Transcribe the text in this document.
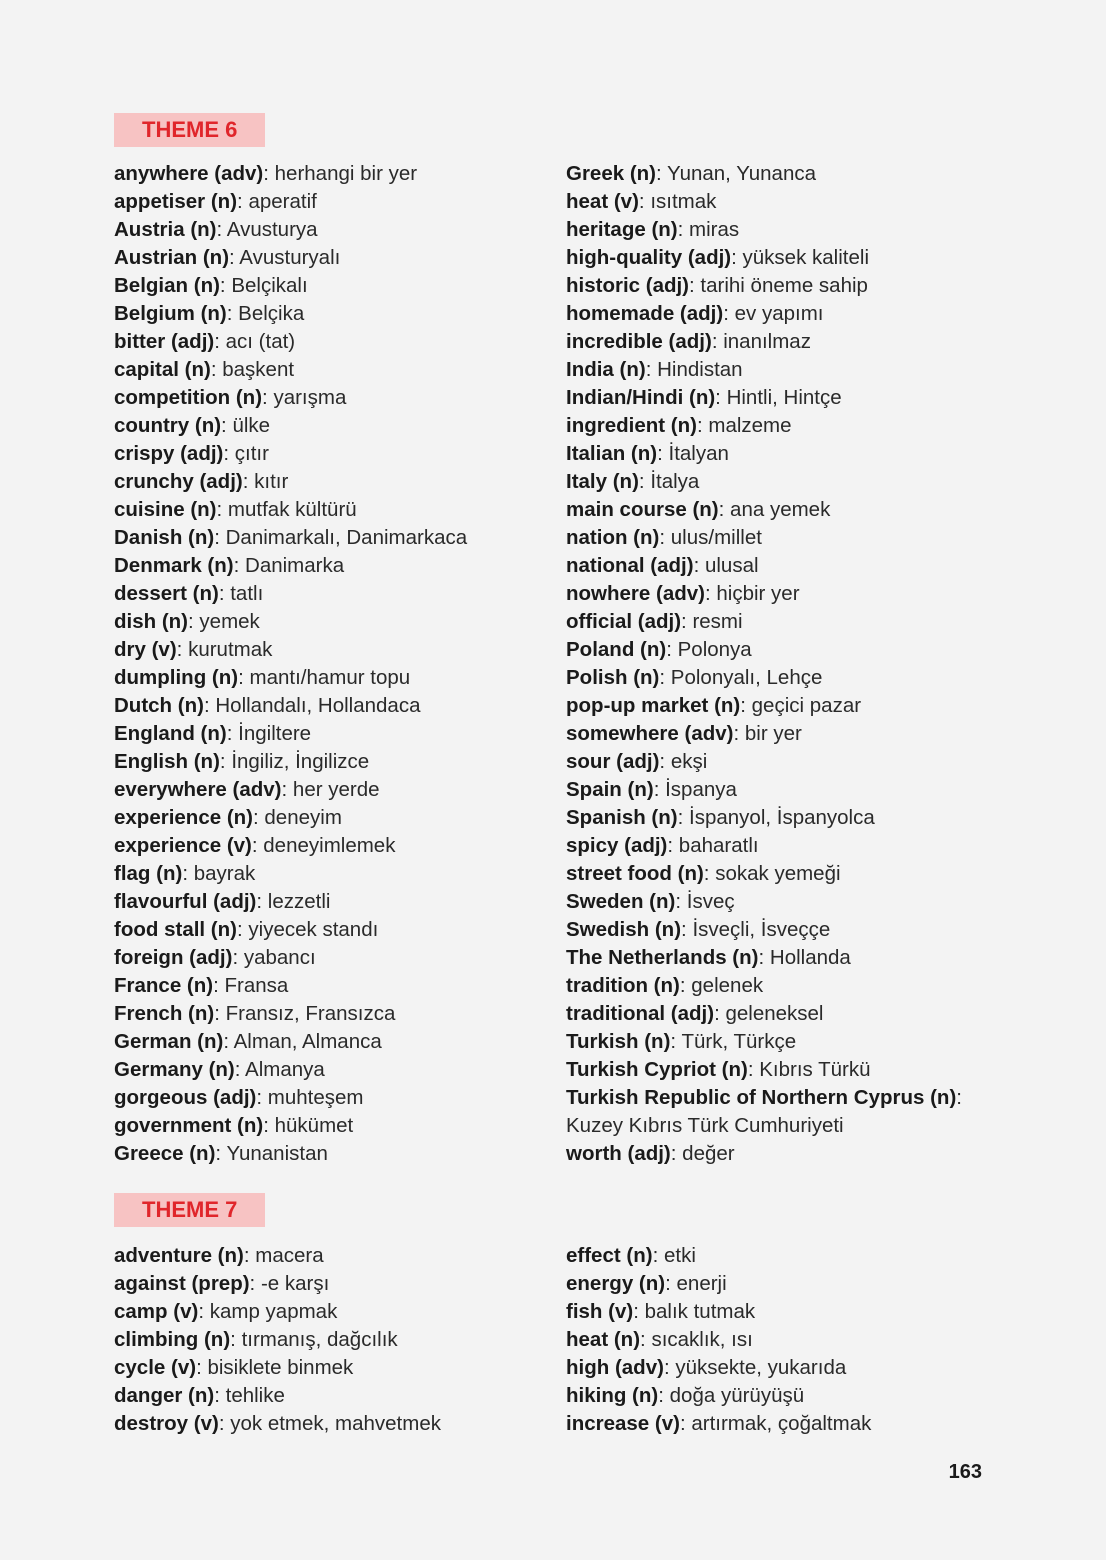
THEME 6
anywhere (adv): herhangi bir yer
appetiser (n): aperatif
Austria (n): Avusturya
Austrian (n): Avusturyalı
Belgian (n): Belçikalı
Belgium (n): Belçika
bitter (adj): acı (tat)
capital (n): başkent
competition (n): yarışma
country (n): ülke
crispy (adj): çıtır
crunchy (adj): kıtır
cuisine (n): mutfak kültürü
Danish (n): Danimarkalı, Danimarkaca
Denmark (n): Danimarka
dessert (n): tatlı
dish (n): yemek
dry (v): kurutmak
dumpling (n): mantı/hamur topu
Dutch (n): Hollandalı, Hollandaca
England (n): İngiltere
English (n): İngiliz, İngilizce
everywhere (adv): her yerde
experience (n): deneyim
experience (v): deneyimlemek
flag (n): bayrak
flavourful (adj): lezzetli
food stall (n): yiyecek standı
foreign (adj): yabancı
France (n): Fransa
French (n): Fransız, Fransızca
German (n): Alman, Almanca
Germany (n): Almanya
gorgeous (adj): muhteşem
government (n): hükümet
Greece (n): Yunanistan
Greek (n): Yunan, Yunanca
heat (v): ısıtmak
heritage (n): miras
high-quality (adj): yüksek kaliteli
historic (adj): tarihi öneme sahip
homemade (adj): ev yapımı
incredible (adj): inanılmaz
India (n): Hindistan
Indian/Hindi (n): Hintli, Hintçe
ingredient (n): malzeme
Italian (n): İtalyan
Italy (n): İtalya
main course (n): ana yemek
nation (n): ulus/millet
national (adj): ulusal
nowhere (adv): hiçbir yer
official (adj): resmi
Poland (n): Polonya
Polish (n): Polonyalı, Lehçe
pop-up market (n): geçici pazar
somewhere (adv): bir yer
sour (adj): ekşi
Spain (n): İspanya
Spanish (n): İspanyol, İspanyolca
spicy (adj): baharatlı
street food (n): sokak yemeği
Sweden (n): İsveç
Swedish (n): İsveçli, İsveççe
The Netherlands (n): Hollanda
tradition (n): gelenek
traditional (adj): geleneksel
Turkish (n): Türk, Türkçe
Turkish Cypriot (n): Kıbrıs Türkü
Turkish Republic of Northern Cyprus (n): Kuzey Kıbrıs Türk Cumhuriyeti
worth (adj): değer
THEME 7
adventure (n): macera
against (prep): -e karşı
camp (v): kamp yapmak
climbing (n): tırmanış, dağcılık
cycle (v): bisiklete binmek
danger (n): tehlike
destroy (v): yok etmek, mahvetmek
effect (n): etki
energy (n): enerji
fish (v): balık tutmak
heat (n): sıcaklık, ısı
high (adv): yüksekte, yukarıda
hiking (n): doğa yürüyüşü
increase (v): artırmak, çoğaltmak
163
